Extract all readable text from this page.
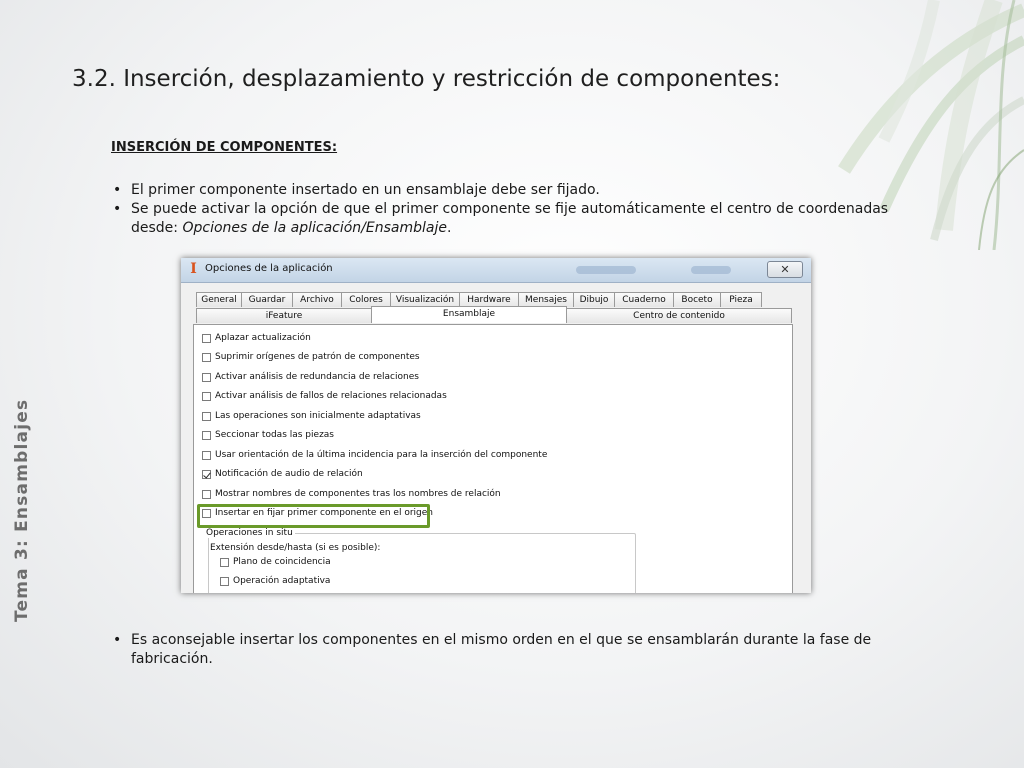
Tema 3: Ensamblajes
3.2. Inserción, desplazamiento y restricción de componentes:
INSERCIÓN DE COMPONENTES:
• El primer componente insertado en un ensamblaje debe ser fijado.
• Se puede activar la opción de que el primer componente se fije automáticamente el centro de coordenadas desde: Opciones de la aplicación/Ensamblaje.
I Opciones de la aplicación	✕
General	Guardar	Archivo	Colores	Visualización	Hardware	Mensajes	Dibujo	Cuaderno	Boceto	Pieza
iFeature	Ensamblaje	Centro de contenido
Aplazar actualización
Suprimir orígenes de patrón de componentes
Activar análisis de redundancia de relaciones
Activar análisis de fallos de relaciones relacionadas
Las operaciones son inicialmente adaptativas
Seccionar todas las piezas
Usar orientación de la última incidencia para la inserción del componente
Notificación de audio de relación
Mostrar nombres de componentes tras los nombres de relación
Insertar en fijar primer componente en el origen
Operaciones in situ
Extensión desde/hasta (si es posible):
Plano de coincidencia
Operación adaptativa
• Es aconsejable insertar los componentes en el mismo orden en el que se ensamblarán durante la fase de fabricación.
